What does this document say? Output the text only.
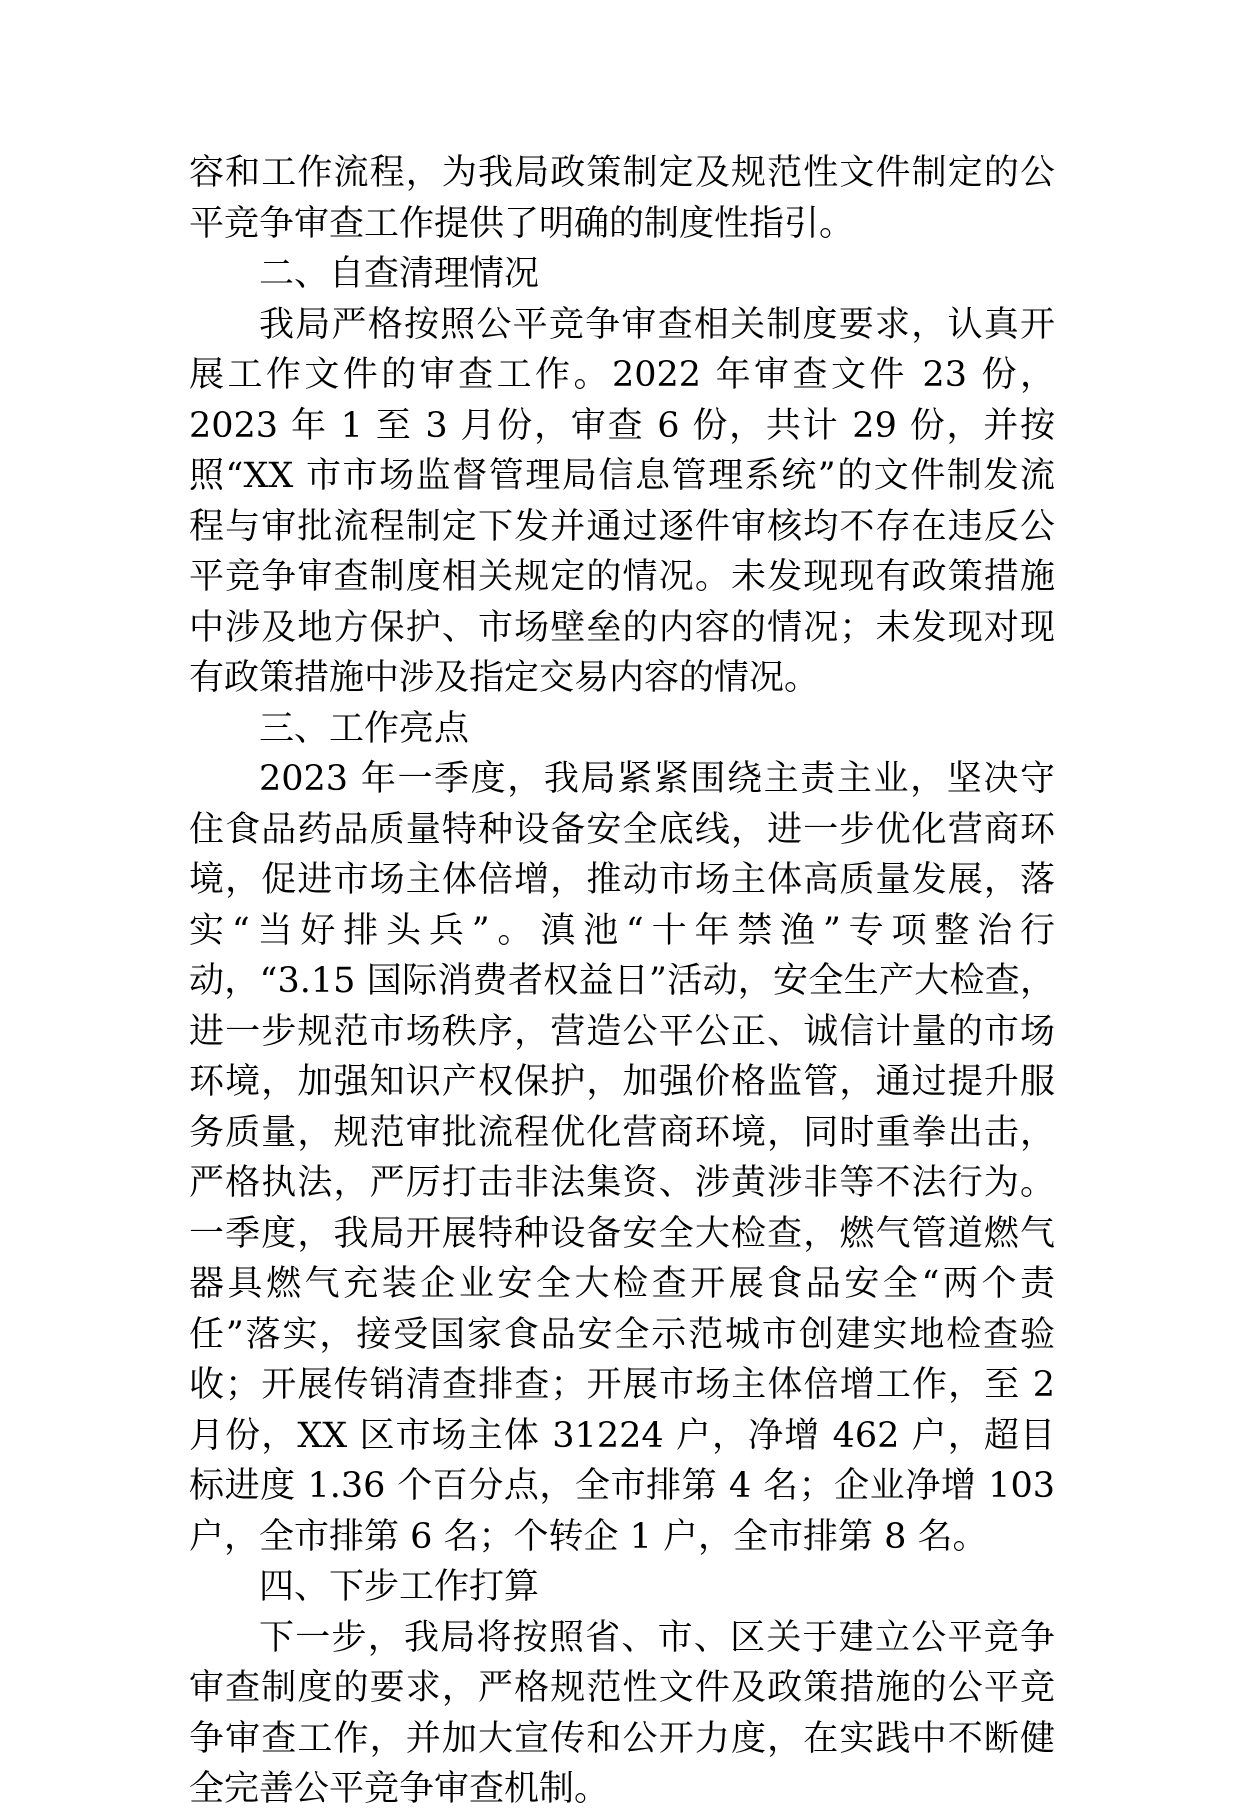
容和工作流程，为我局政策制定及规范性文件制定的公平竞争审查工作提供了明确的制度性指引。

二、自查清理情况

我局严格按照公平竞争审查相关制度要求，认真开展工作文件的审查工作。2022 年审查文件 23 份，2023 年 1 至 3 月份，审查 6 份，共计 29 份，并按照“XX 市市场监督管理局信息管理系统”的文件制发流程与审批流程制定下发并通过逐件审核均不存在违反公平竞争审查制度相关规定的情况。未发现现有政策措施中涉及地方保护、市场壁垒的内容的情况；未发现对现有政策措施中涉及指定交易内容的情况。

三、工作亮点

2023 年一季度，我局紧紧围绕主责主业，坚决守住食品药品质量特种设备安全底线，进一步优化营商环境，促进市场主体倍增，推动市场主体高质量发展，落实“当好排头兵”。滇池“十年禁渔”专项整治行动，“3.15 国际消费者权益日”活动，安全生产大检查，进一步规范市场秩序，营造公平公正、诚信计量的市场环境，加强知识产权保护，加强价格监管，通过提升服务质量，规范审批流程优化营商环境，同时重拳出击，严格执法，严厉打击非法集资、涉黄涉非等不法行为。一季度，我局开展特种设备安全大检查，燃气管道燃气器具燃气充装企业安全大检查开展食品安全“两个责任”落实，接受国家食品安全示范城市创建实地检查验收；开展传销清查排查；开展市场主体倍增工作，至 2 月份，XX 区市场主体 31224 户，净增 462 户，超目标进度 1.36 个百分点，全市排第 4 名；企业净增 103 户，全市排第 6 名；个转企 1 户，全市排第 8 名。

四、下步工作打算

下一步，我局将按照省、市、区关于建立公平竞争审查制度的要求，严格规范性文件及政策措施的公平竞争审查工作，并加大宣传和公开力度，在实践中不断健全完善公平竞争审查机制。
